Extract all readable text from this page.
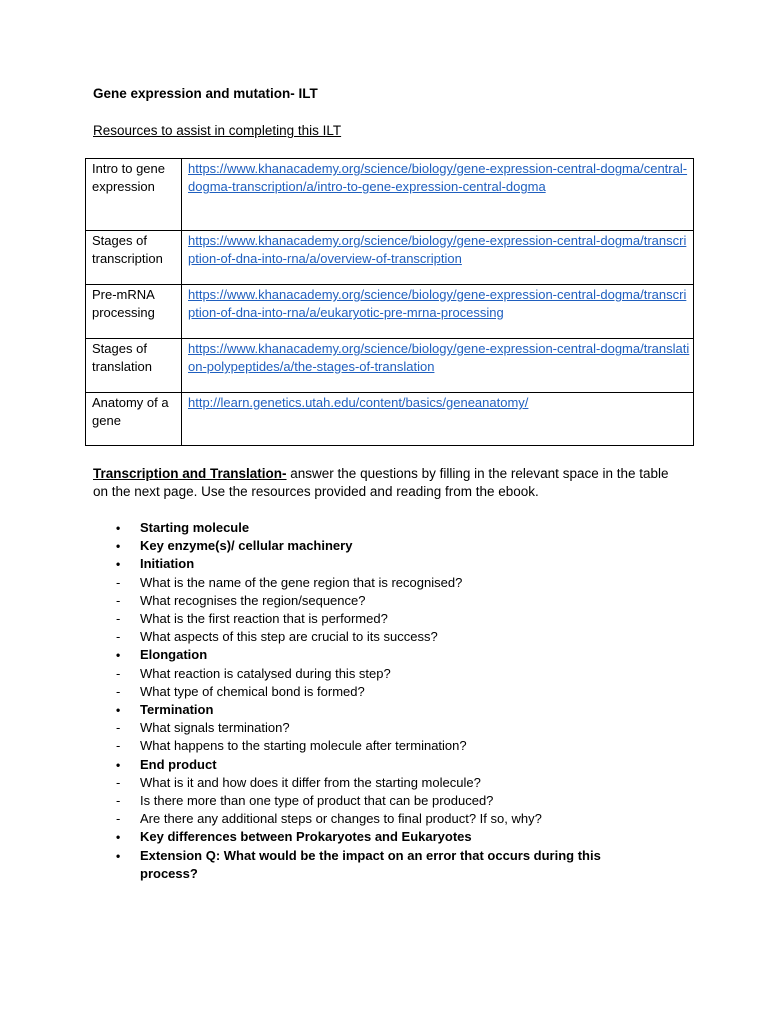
Gene expression and mutation- ILT
Resources to assist in completing this ILT
Intro to gene expression	https://www.khanacademy.org/science/biology/gene-expression-central-dogma/central-dogma-transcription/a/intro-to-gene-expression-central-dogma
Stages of transcription	https://www.khanacademy.org/science/biology/gene-expression-central-dogma/transcription-of-dna-into-rna/a/overview-of-transcription
Pre-mRNA processing	https://www.khanacademy.org/science/biology/gene-expression-central-dogma/transcription-of-dna-into-rna/a/eukaryotic-pre-mrna-processing
Stages of translation	https://www.khanacademy.org/science/biology/gene-expression-central-dogma/translation-polypeptides/a/the-stages-of-translation
Anatomy of a gene	http://learn.genetics.utah.edu/content/basics/geneanatomy/
Transcription and Translation- answer the questions by filling in the relevant space in the table on the next page. Use the resources provided and reading from the ebook.
• Starting molecule
• Key enzyme(s)/ cellular machinery
• Initiation
- What is the name of the gene region that is recognised?
- What recognises the region/sequence?
- What is the first reaction that is performed?
- What aspects of this step are crucial to its success?
• Elongation
- What reaction is catalysed during this step?
- What type of chemical bond is formed?
• Termination
- What signals termination?
- What happens to the starting molecule after termination?
• End product
- What is it and how does it differ from the starting molecule?
- Is there more than one type of product that can be produced?
- Are there any additional steps or changes to final product? If so, why?
• Key differences between Prokaryotes and Eukaryotes
• Extension Q: What would be the impact on an error that occurs during this process?
